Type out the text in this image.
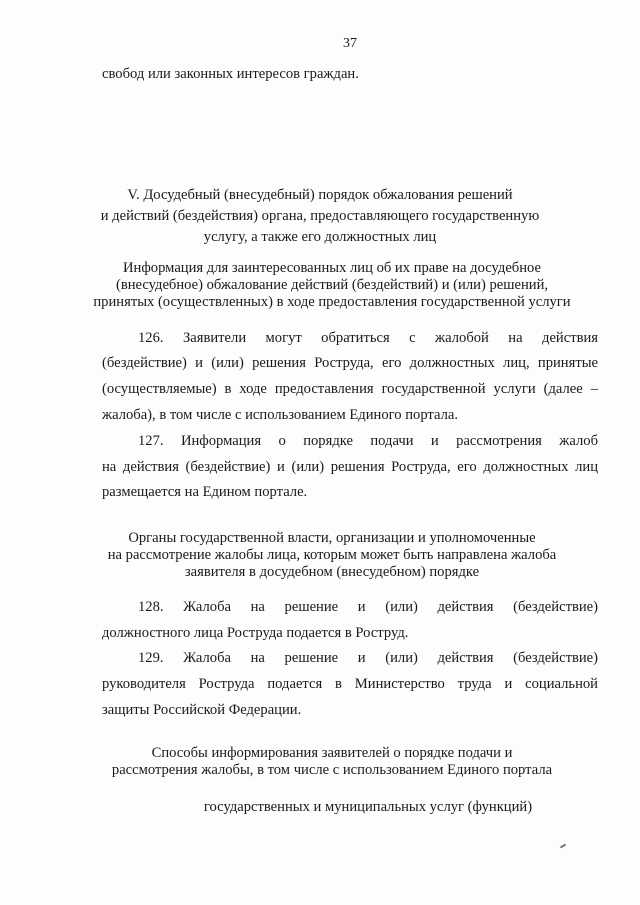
37
свобод или законных интересов граждан.
V. Досудебный (внесудебный) порядок обжалования решений
и действий (бездействия) органа, предоставляющего государственную
услугу, а также его должностных лиц
Информация для заинтересованных лиц об их праве на досудебное
(внесудебное) обжалование действий (бездействий) и (или) решений,
принятых (осуществленных) в ходе предоставления государственной услуги
126. Заявители могут обратиться с жалобой на действия
(бездействие) и (или) решения Роструда, его должностных лиц, принятые
(осуществляемые) в ходе предоставления государственной услуги (далее –
жалоба), в том числе с использованием Единого портала.
127. Информация о порядке подачи и рассмотрения жалоб
на действия (бездействие) и (или) решения Роструда, его должностных лиц
размещается на Едином портале.
Органы государственной власти, организации и уполномоченные
на рассмотрение жалобы лица, которым может быть направлена жалоба
заявителя в досудебном (внесудебном) порядке
128. Жалоба на решение и (или) действия (бездействие)
должностного лица Роструда подается в Роструд.
129. Жалоба на решение и (или) действия (бездействие)
руководителя Роструда подается в Министерство труда и социальной
защиты Российской Федерации.
Способы информирования заявителей о порядке подачи и
рассмотрения жалобы, в том числе с использованием Единого портала
государственных и муниципальных услуг (функций)
